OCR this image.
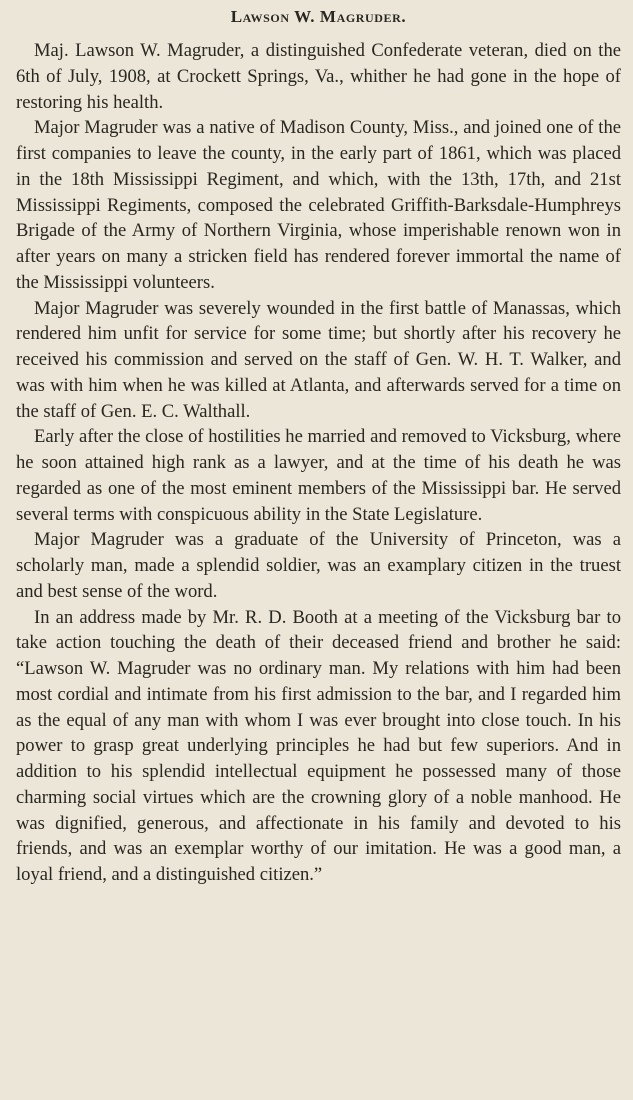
Lawson W. Magruder.

Maj. Lawson W. Magruder, a distinguished Confederate veteran, died on the 6th of July, 1908, at Crockett Springs, Va., whither he had gone in the hope of restoring his health.

Major Magruder was a native of Madison County, Miss., and joined one of the first companies to leave the county, in the early part of 1861, which was placed in the 18th Mississippi Regiment, and which, with the 13th, 17th, and 21st Mississippi Regiments, composed the celebrated Griffith-Barksdale-Humphreys Brigade of the Army of Northern Virginia, whose imperishable renown won in after years on many a stricken field has rendered forever immortal the name of the Mississippi volunteers.

Major Magruder was severely wounded in the first battle of Manassas, which rendered him unfit for service for some time; but shortly after his recovery he received his commission and served on the staff of Gen. W. H. T. Walker, and was with him when he was killed at Atlanta, and afterwards served for a time on the staff of Gen. E. C. Walthall.

Early after the close of hostilities he married and removed to Vicksburg, where he soon attained high rank as a lawyer, and at the time of his death he was regarded as one of the most eminent members of the Mississippi bar. He served several terms with conspicuous ability in the State Legislature.

Major Magruder was a graduate of the University of Princeton, was a scholarly man, made a splendid soldier, was an examplary citizen in the truest and best sense of the word.

In an address made by Mr. R. D. Booth at a meeting of the Vicksburg bar to take action touching the death of their deceased friend and brother he said: “Lawson W. Magruder was no ordinary man. My relations with him had been most cordial and intimate from his first admission to the bar, and I regarded him as the equal of any man with whom I was ever brought into close touch. In his power to grasp great underlying principles he had but few superiors. And in addition to his splendid intellectual equipment he possessed many of those charming social virtues which are the crowning glory of a noble manhood. He was dignified, generous, and affectionate in his family and devoted to his friends, and was an exemplar worthy of our imitation. He was a good man, a loyal friend, and a distinguished citizen.”
